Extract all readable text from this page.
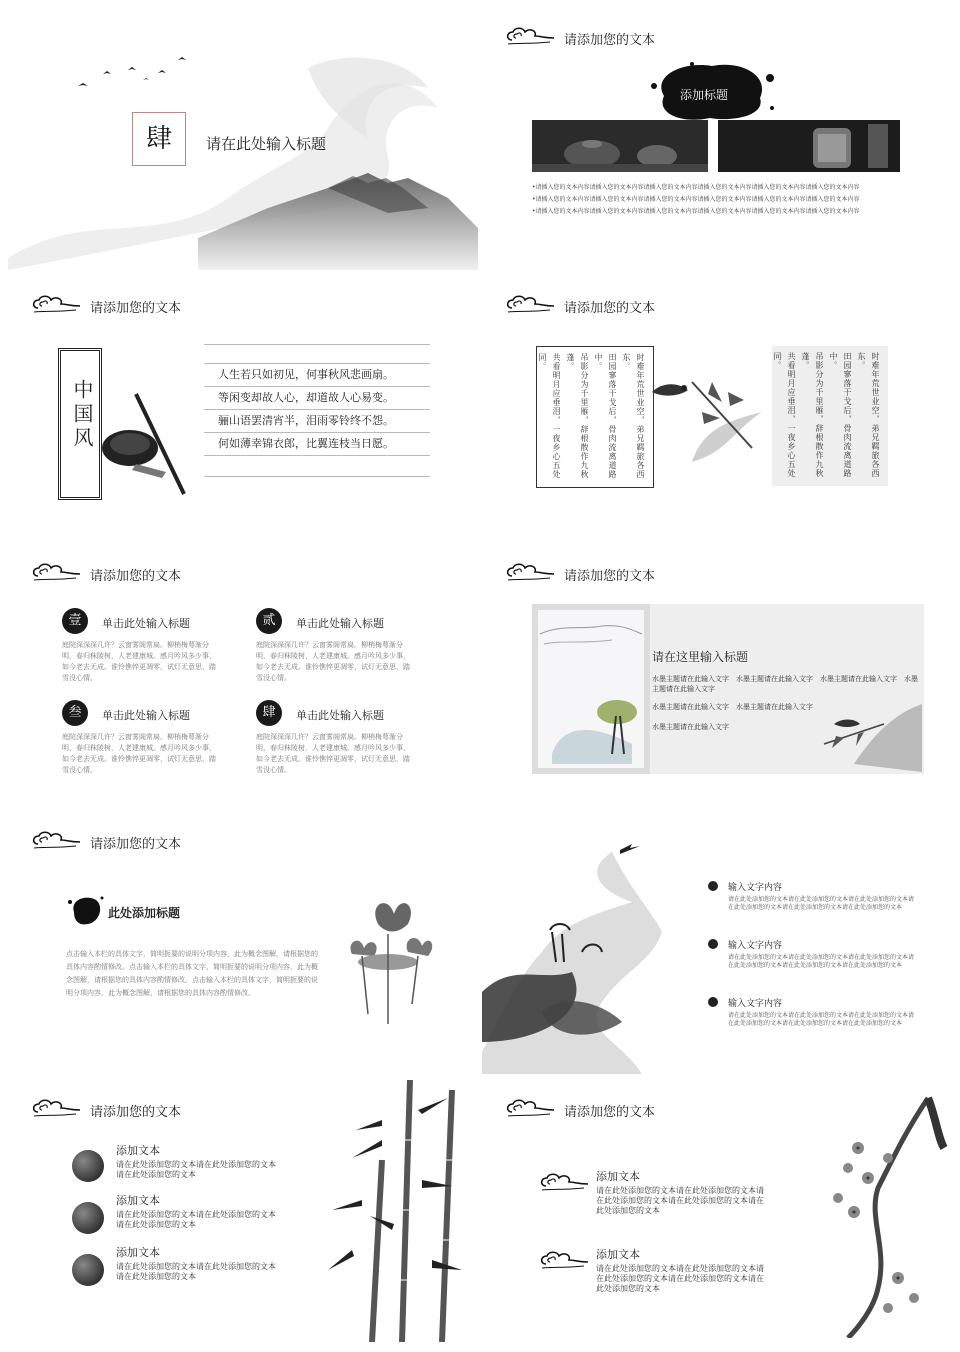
肆	请在此处输入标题
请添加您的文本
添加标题
•请插入您的文本内容请插入您的文本内容请插入您的文本内容请插入您的文本内容请插入您的文本内容请插入您的文本内容
•请插入您的文本内容请插入您的文本内容请插入您的文本内容请插入您的文本内容请插入您的文本内容请插入您的文本内容
•请插入您的文本内容请插入您的文本内容请插入您的文本内容请插入您的文本内容请插入您的文本内容请插入您的文本内容
请添加您的文本
中国风
人生若只如初见，何事秋风悲画扇。
等闲变却故人心，却道故人心易变。
骊山语罢清宵半，泪雨零铃终不怨。
何如薄幸锦衣郎，比翼连枝当日愿。
请添加您的文本
时难年荒世业空，弟兄羁旅各西东。
田园寥落干戈后，骨肉流离道路中。
吊影分为千里雁，辞根散作九秋蓬。
共看明月应垂泪，一夜乡心五处同。	时难年荒世业空，弟兄羁旅各西东。
田园寥落干戈后，骨肉流离道路中。
吊影分为千里雁，辞根散作九秋蓬。
共看明月应垂泪，一夜乡心五处同。
请添加您的文本
壹	单击此处输入标题
庭院深深深几许？云窗雾阁常扃。柳梢梅萼渐分明，春归秣陵树，人老建康城。感月吟风多少事，如今老去无成。谁怜憔悴更凋零，试灯无意思，踏雪没心情。
贰	单击此处输入标题
庭院深深深几许？云窗雾阁常扃。柳梢梅萼渐分明，春归秣陵树，人老建康城。感月吟风多少事，如今老去无成。谁怜憔悴更凋零，试灯无意思，踏雪没心情。
叁	单击此处输入标题
庭院深深深几许？云窗雾阁常扃。柳梢梅萼渐分明，春归秣陵树，人老建康城。感月吟风多少事，如今老去无成。谁怜憔悴更凋零，试灯无意思，踏雪没心情。
肆	单击此处输入标题
庭院深深深几许？云窗雾阁常扃。柳梢梅萼渐分明，春归秣陵树，人老建康城。感月吟风多少事，如今老去无成。谁怜憔悴更凋零，试灯无意思，踏雪没心情。
请添加您的文本
请在这里输入标题
水墨主题请在此输入文字　水墨主题请在此输入文字　水墨主题请在此输入文字　水墨主题请在此输入文字
水墨主题请在此输入文字　水墨主题请在此输入文字
水墨主题请在此输入文字
请添加您的文本
此处添加标题
点击输入本栏的具体文字，简明扼要的说明分项内容，此为概念图解，请根据您的具体内容酌情修改。点击输入本栏的具体文字，简明扼要的说明分项内容，此为概念图解，请根据您的具体内容酌情修改。点击输入本栏的具体文字，简明扼要的说明分项内容，此为概念图解，请根据您的具体内容酌情修改。
输入文字内容
请在此处添加您的文本请在此处添加您的文本请在此处添加您的文本请在此处添加您的文本请在此处添加您的文本请在此处添加您的文本
输入文字内容
请在此处添加您的文本请在此处添加您的文本请在此处添加您的文本请在此处添加您的文本请在此处添加您的文本请在此处添加您的文本
输入文字内容
请在此处添加您的文本请在此处添加您的文本请在此处添加您的文本请在此处添加您的文本请在此处添加您的文本请在此处添加您的文本
请添加您的文本
添加文本
请在此处添加您的文本请在此处添加您的文本请在此处添加您的文本
添加文本
请在此处添加您的文本请在此处添加您的文本请在此处添加您的文本
添加文本
请在此处添加您的文本请在此处添加您的文本请在此处添加您的文本
请添加您的文本
添加文本
请在此处添加您的文本请在此处添加您的文本请在此处添加您的文本请在此处添加您的文本请在此处添加您的文本
添加文本
请在此处添加您的文本请在此处添加您的文本请在此处添加您的文本请在此处添加您的文本请在此处添加您的文本
